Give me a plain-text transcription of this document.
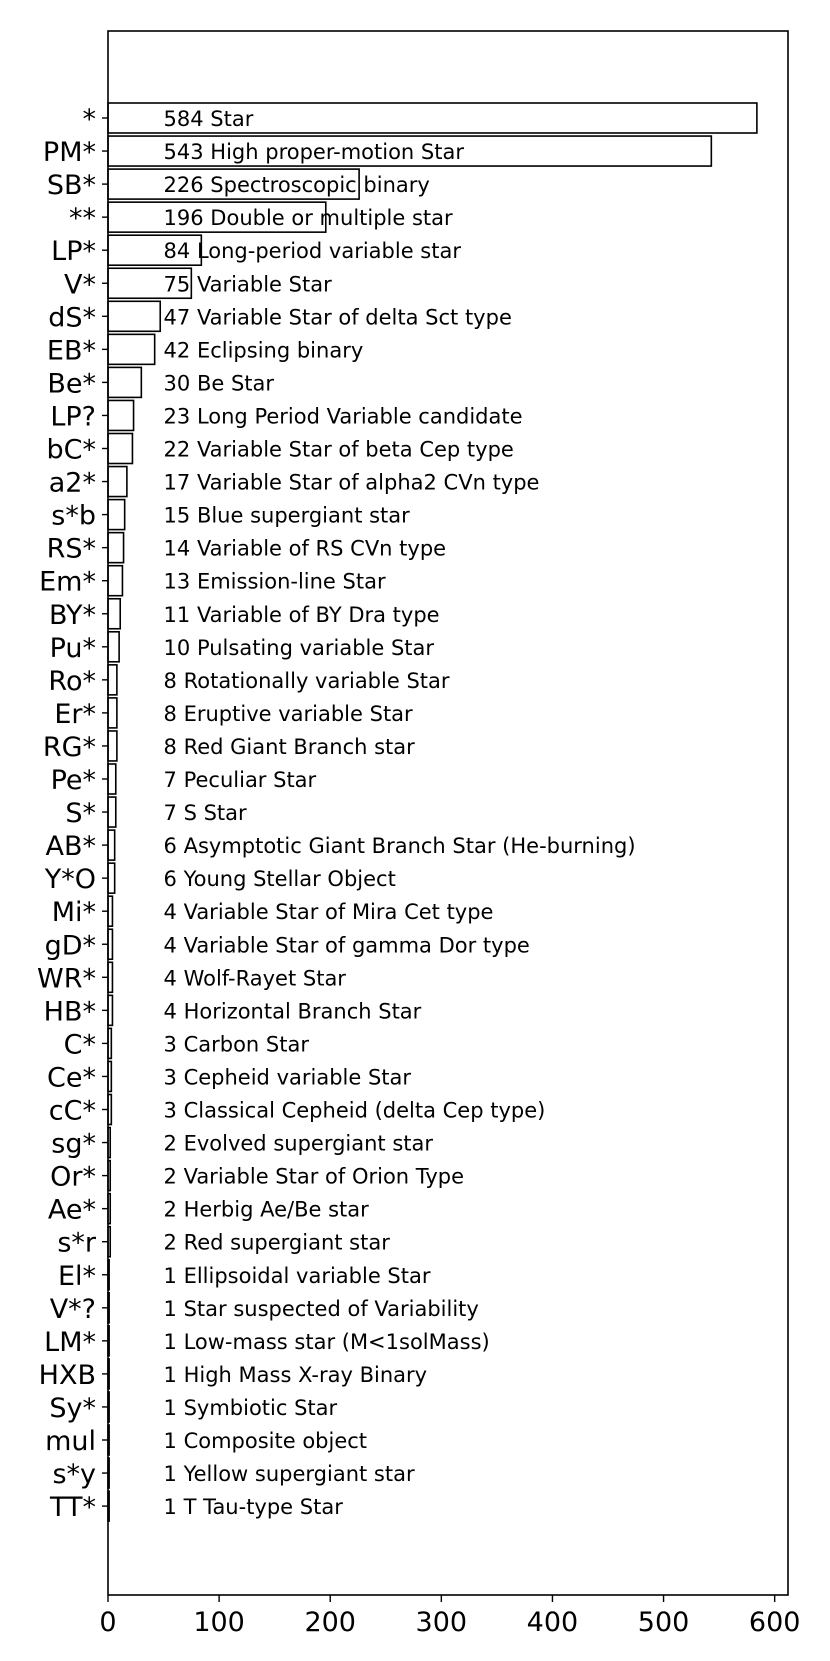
584 Star
543 High proper-motion Star
226 Spectroscopic binary
196 Double or multiple star
84 Long-period variable star
75 Variable Star
47 Variable Star of delta Sct type
42 Eclipsing binary
30 Be Star
23 Long Period Variable candidate
22 Variable Star of beta Cep type
17 Variable Star of alpha2 CVn type
15 Blue supergiant star
14 Variable of RS CVn type
13 Emission-line Star
11 Variable of BY Dra type
10 Pulsating variable Star
8 Rotationally variable Star
8 Eruptive variable Star
8 Red Giant Branch star
7 Peculiar Star
7 S Star
6 Asymptotic Giant Branch Star (He-burning)
6 Young Stellar Object
4 Variable Star of Mira Cet type
4 Variable Star of gamma Dor type
4 Wolf-Rayet Star
4 Horizontal Branch Star
3 Carbon Star
3 Cepheid variable Star
3 Classical Cepheid (delta Cep type)
2 Evolved supergiant star
2 Variable Star of Orion Type
2 Herbig Ae/Be star
2 Red supergiant star
1 Ellipsoidal variable Star
1 Star suspected of Variability
1 Low-mass star (M<1solMass)
1 High Mass X-ray Binary
1 Symbiotic Star
1 Composite object
1 Yellow supergiant star
1 T Tau-type Star
*
PM*
SB*
**
LP*
V*
dS*
EB*
Be*
LP?
bC*
a2*
s*b
RS*
Em*
BY*
Pu*
Ro*
Er*
RG*
Pe*
S*
AB*
Y*O
Mi*
gD*
WR*
HB*
C*
Ce*
cC*
sg*
Or*
Ae*
s*r
El*
V*?
LM*
HXB
Sy*
mul
s*y
TT*
0	100 200 300 400 500 600
